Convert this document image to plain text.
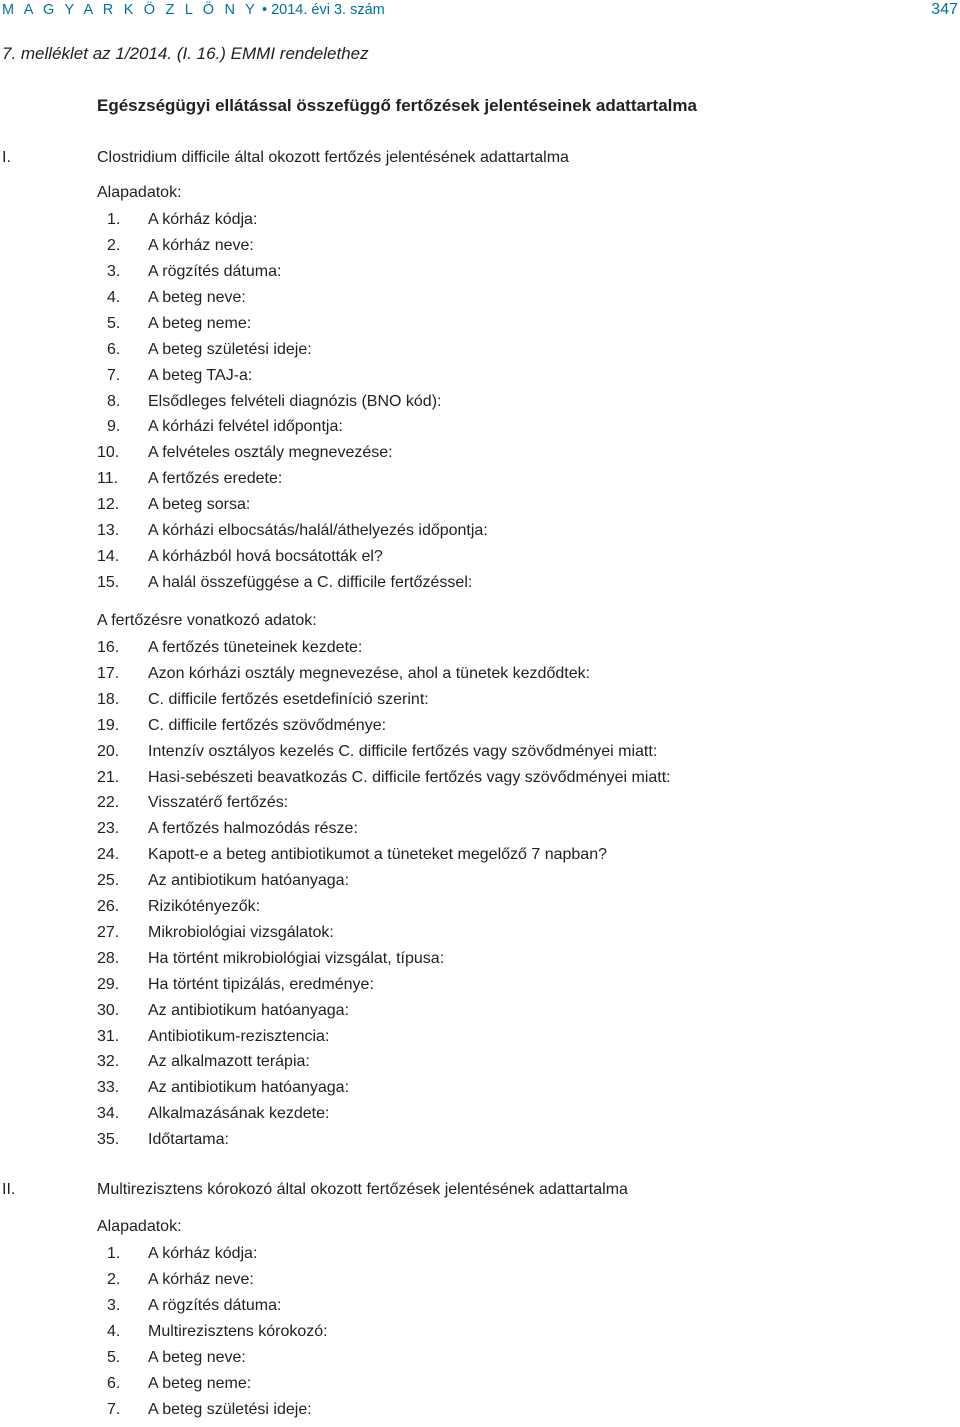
M A G Y A R K Ö Z L Ö N Y • 2014. évi 3. szám	347
7. melléklet az 1/2014. (I. 16.) EMMI rendelethez
Egészségügyi ellátással összefüggő fertőzések jelentéseinek adattartalma
I.	Clostridium difficile által okozott fertőzés jelentésének adattartalma
Alapadatok:
1.	A kórház kódja:
2.	A kórház neve:
3.	A rögzítés dátuma:
4.	A beteg neve:
5.	A beteg neme:
6.	A beteg születési ideje:
7.	A beteg TAJ-a:
8.	Elsődleges felvételi diagnózis (BNO kód):
9.	A kórházi felvétel időpontja:
10.	A felvételes osztály megnevezése:
11.	A fertőzés eredete:
12.	A beteg sorsa:
13.	A kórházi elbocsátás/halál/áthelyezés időpontja:
14.	A kórházból hová bocsátották el?
15.	A halál összefüggése a C. difficile fertőzéssel:
A fertőzésre vonatkozó adatok:
16.	A fertőzés tüneteinek kezdete:
17.	Azon kórházi osztály megnevezése, ahol a tünetek kezdődtek:
18.	C. difficile fertőzés esetdefiníció szerint:
19.	C. difficile fertőzés szövődménye:
20.	Intenzív osztályos kezelés C. difficile fertőzés vagy szövődményei miatt:
21.	Hasi-sebészeti beavatkozás C. difficile fertőzés vagy szövődményei miatt:
22.	Visszatérő fertőzés:
23.	A fertőzés halmozódás része:
24.	Kapott-e a beteg antibiotikumot a tüneteket megelőző 7 napban?
25.	Az antibiotikum hatóanyaga:
26.	Rizikótényezők:
27.	Mikrobiológiai vizsgálatok:
28.	Ha történt mikrobiológiai vizsgálat, típusa:
29.	Ha történt tipizálás, eredménye:
30.	Az antibiotikum hatóanyaga:
31.	Antibiotikum-rezisztencia:
32.	Az alkalmazott terápia:
33.	Az antibiotikum hatóanyaga:
34.	Alkalmazásának kezdete:
35.	Időtartama:
II.	Multirezisztens kórokozó által okozott fertőzések jelentésének adattartalma
Alapadatok:
1.	A kórház kódja:
2.	A kórház neve:
3.	A rögzítés dátuma:
4.	Multirezisztens kórokozó:
5.	A beteg neve:
6.	A beteg neme:
7.	A beteg születési ideje:
